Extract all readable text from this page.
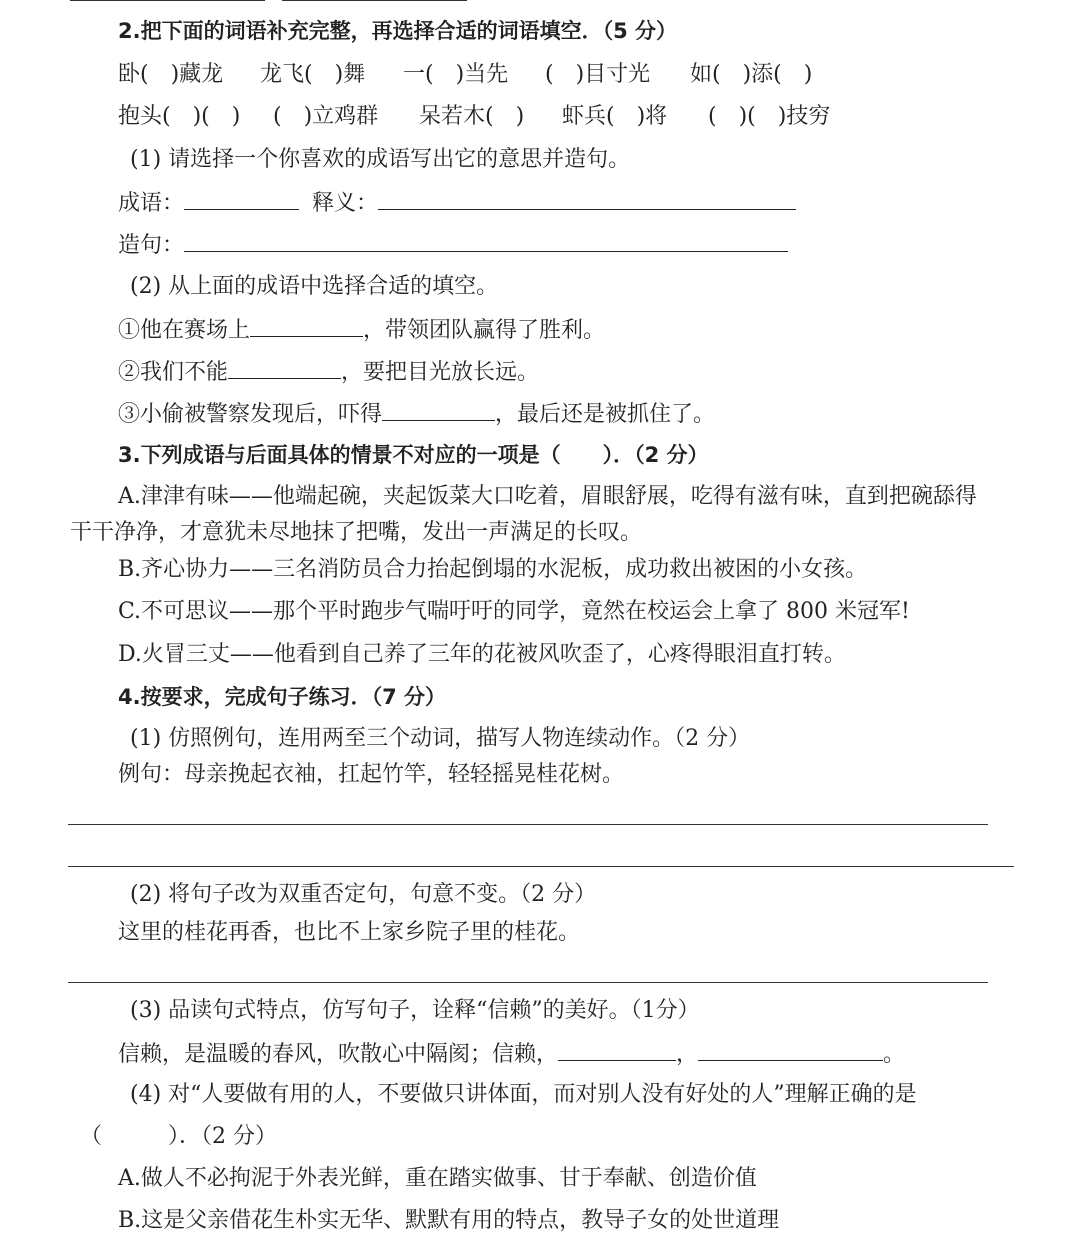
2.把下面的词语补充完整，再选择合适的词语填空．（5 分）
卧(　)藏龙 龙飞(　)舞 一(　)当先 (　)目寸光 如(　)添(　)
抱头(　)(　) (　)立鸡群 呆若木(　) 虾兵(　)将 (　)(　)技穷
(1) 请选择一个你喜欢的成语写出它的意思并造句。
成语：	释义：
造句：
(2) 从上面的成语中选择合适的填空。
①他在赛场上	，带领团队赢得了胜利。
②我们不能	，要把目光放长远。
③小偷被警察发现后，吓得	，最后还是被抓住了。
3.下列成语与后面具体的情景不对应的一项是（　　）．（2 分）
A.津津有味——他端起碗，夹起饭菜大口吃着，眉眼舒展，吃得有滋有味，直到把碗舔得
干干净净，才意犹未尽地抹了把嘴，发出一声满足的长叹。
B.齐心协力——三名消防员合力抬起倒塌的水泥板，成功救出被困的小女孩。
C.不可思议——那个平时跑步气喘吁吁的同学，竟然在校运会上拿了 800 米冠军!
D.火冒三丈——他看到自己养了三年的花被风吹歪了，心疼得眼泪直打转。
4.按要求，完成句子练习．（7 分）
(1) 仿照例句，连用两至三个动词，描写人物连续动作。（2 分）
例句：母亲挽起衣袖，扛起竹竿，轻轻摇晃桂花树。
(2) 将句子改为双重否定句，句意不变。（2 分）
这里的桂花再香，也比不上家乡院子里的桂花。
(3) 品读句式特点，仿写句子，诠释“信赖”的美好。（1分）
信赖，是温暖的春风，吹散心中隔阂；信赖，	，	。
(4) 对“人要做有用的人，不要做只讲体面，而对别人没有好处的人”理解正确的是
（　　　）．（2 分）
A.做人不必拘泥于外表光鲜，重在踏实做事、甘于奉献、创造价值
B.这是父亲借花生朴实无华、默默有用的特点，教导子女的处世道理
